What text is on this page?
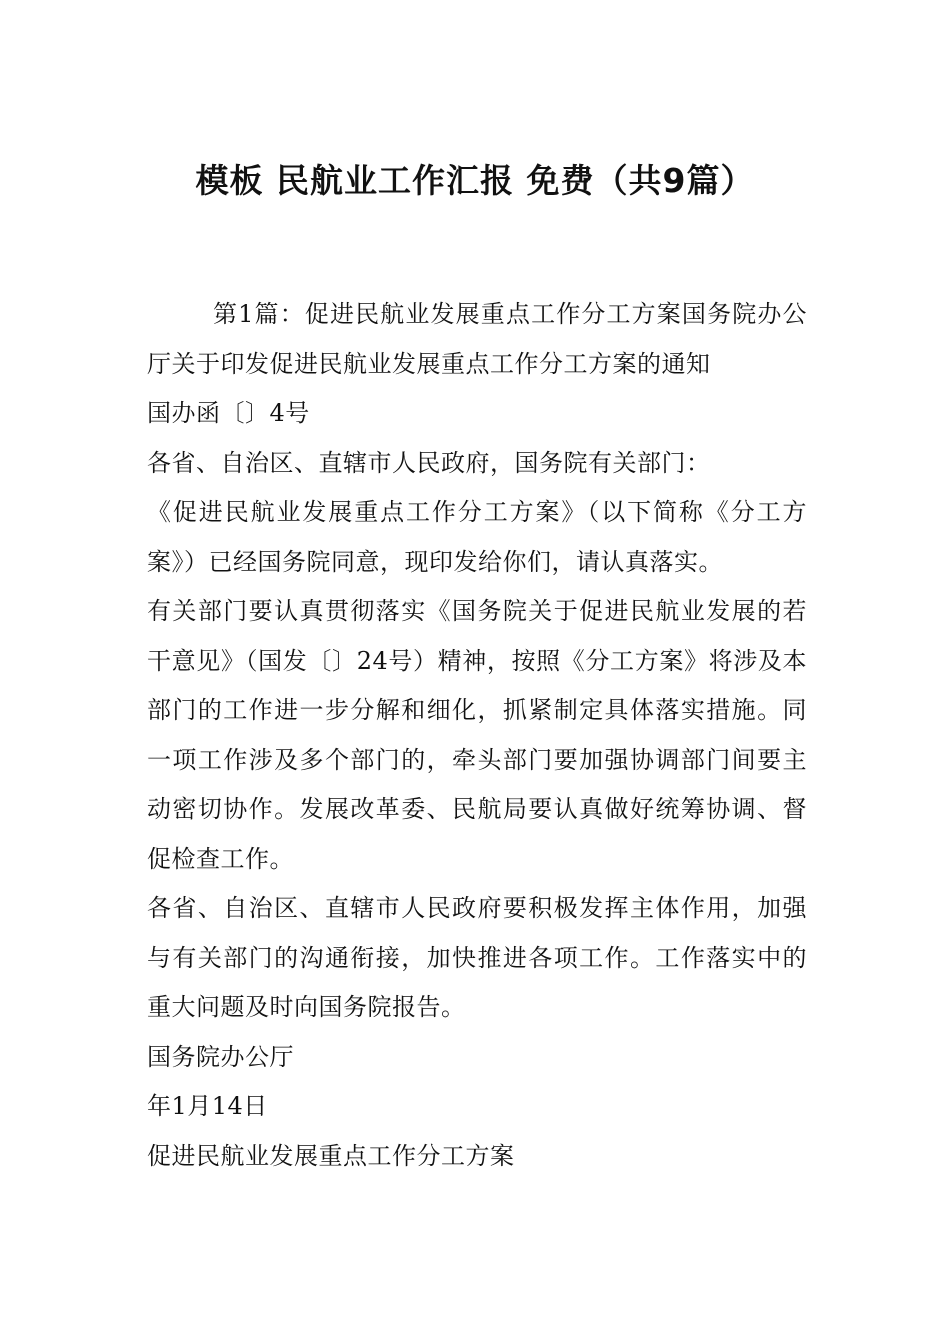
模板 民航业工作汇报 免费（共9篇）

第1篇：促进民航业发展重点工作分工方案国务院办公厅关于印发促进民航业发展重点工作分工方案的通知

国办函〔〕4号

各省、自治区、直辖市人民政府，国务院有关部门：

《促进民航业发展重点工作分工方案》（以下简称《分工方案》）已经国务院同意，现印发给你们，请认真落实。

有关部门要认真贯彻落实《国务院关于促进民航业发展的若干意见》（国发〔〕24号）精神，按照《分工方案》将涉及本部门的工作进一步分解和细化，抓紧制定具体落实措施。同一项工作涉及多个部门的，牵头部门要加强协调部门间要主动密切协作。发展改革委、民航局要认真做好统筹协调、督促检查工作。

各省、自治区、直辖市人民政府要积极发挥主体作用，加强与有关部门的沟通衔接，加快推进各项工作。工作落实中的重大问题及时向国务院报告。

国务院办公厅

年1月14日

促进民航业发展重点工作分工方案
